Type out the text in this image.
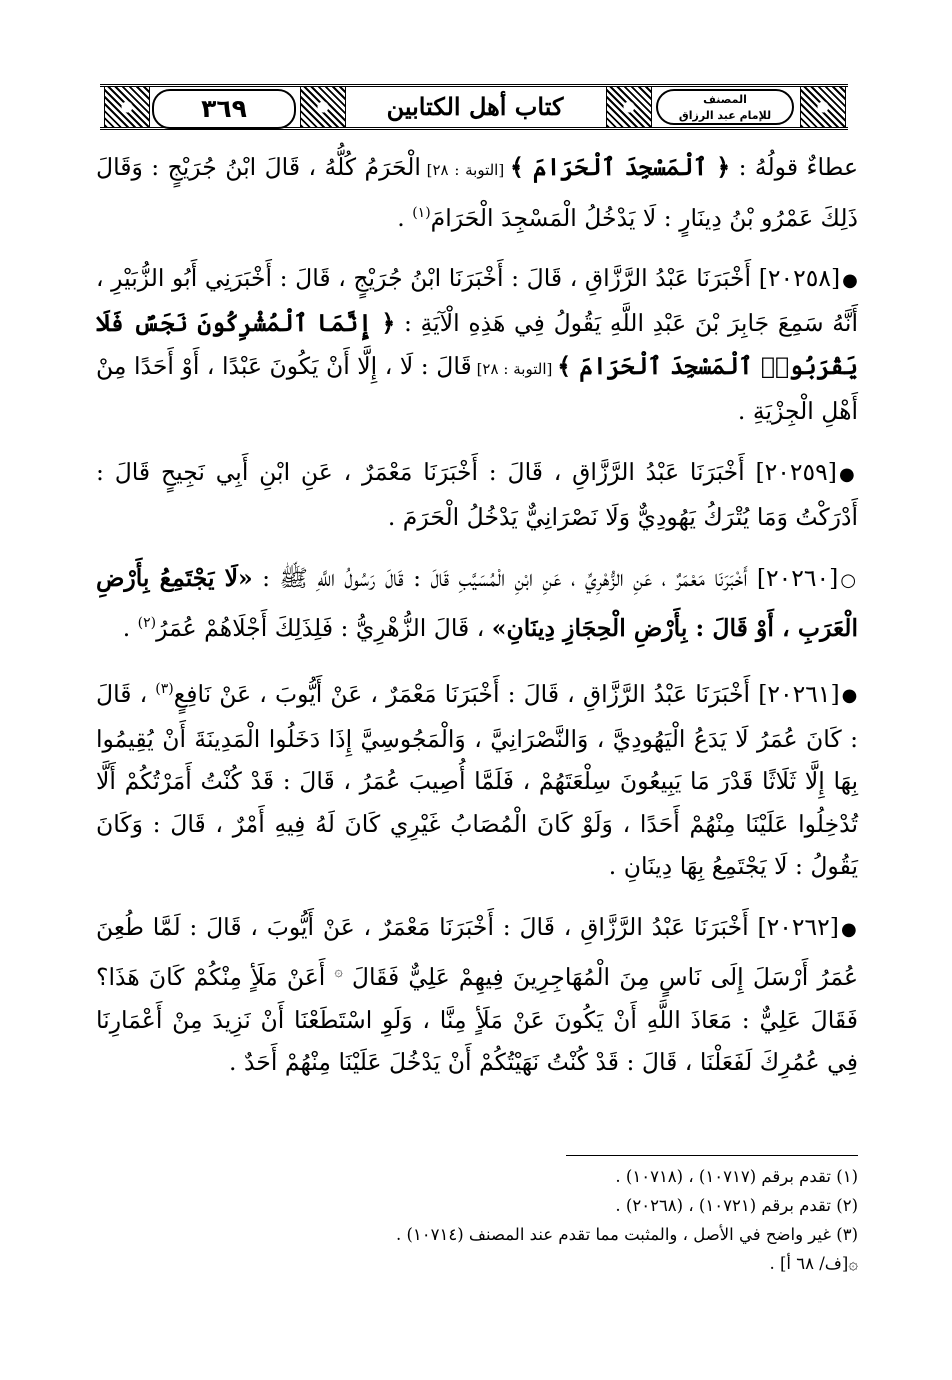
٣٦٩	كتاب أهل الكتابين	المصنف
للإمام عبد الرزاق

عطاءٌ قولُهُ : ﴿ ٱلْمَسْجِدَ ٱلْحَرَامَ ﴾ [التوبة : ٢٨] الْحَرَمُ كُلُّهُ ، قَالَ ابْنُ جُرَيْجٍ : وَقَالَ ذَلِكَ عَمْرُو بْنُ دِينَارٍ : لَا يَدْخُلُ الْمَسْجِدَ الْحَرَامَ$^{(١)}$ .

●[٢٠٢٥٨] أَخْبَرَنَا عَبْدُ الرَّزَّاقِ ، قَالَ : أَخْبَرَنَا ابْنُ جُرَيْجٍ ، قَالَ : أَخْبَرَنِي أَبُو الزُّبَيْرِ ، أَنَّهُ سَمِعَ جَابِرَ بْنَ عَبْدِ اللَّهِ يَقُولُ فِي هَذِهِ الْآيَةِ : ﴿ إِنَّمَا ٱلْمُشْرِكُونَ نَجَسٌ فَلَا يَقْرَبُوا۟ ٱلْمَسْجِدَ ٱلْحَرَامَ ﴾ [التوبة : ٢٨] قَالَ : لَا ، إِلَّا أَنْ يَكُونَ عَبْدًا ، أَوْ أَحَدًا مِنْ أَهْلِ الْجِزْيَةِ .

●[٢٠٢٥٩] أَخْبَرَنَا عَبْدُ الرَّزَّاقِ ، قَالَ : أَخْبَرَنَا مَعْمَرٌ ، عَنِ ابْنِ أَبِي نَجِيحٍ قَالَ : أَدْرَكْتُ وَمَا يُتْرَكُ يَهُودِيٌّ وَلَا نَصْرَانِيٌّ يَدْخُلُ الْحَرَمَ .

○[٢٠٢٦٠] أَخْبَرَنَا مَعْمَرٌ ، عَنِ الزُّهْرِيِّ ، عَنِ ابْنِ الْمُسَيَّبِ قَالَ : قَالَ رَسُولُ اللَّهِ ﷺ : «لَا يَجْتَمِعُ بِأَرْضِ الْعَرَبِ ، أَوْ قَالَ : بِأَرْضِ الْحِجَازِ دِينَانِ» ، قَالَ الزُّهْرِيُّ : فَلِذَلِكَ أَجْلَاهُمْ عُمَرُ$^{(٢)}$ .

●[٢٠٢٦١] أَخْبَرَنَا عَبْدُ الرَّزَّاقِ ، قَالَ : أَخْبَرَنَا مَعْمَرٌ ، عَنْ أَيُّوبَ ، عَنْ نَافِعٍ$^{(٣)}$ ، قَالَ : كَانَ عُمَرُ لَا يَدَعُ الْيَهُودِيَّ ، وَالنَّصْرَانِيَّ ، وَالْمَجُوسِيَّ إِذَا دَخَلُوا الْمَدِينَةَ أَنْ يُقِيمُوا بِهَا إِلَّا ثَلَاثًا قَدْرَ مَا يَبِيعُونَ سِلْعَتَهُمْ ، فَلَمَّا أُصِيبَ عُمَرُ ، قَالَ : قَدْ كُنْتُ أَمَرْتُكُمْ أَلَّا تُدْخِلُوا عَلَيْنَا مِنْهُمْ أَحَدًا ، وَلَوْ كَانَ الْمُصَابُ غَيْرِي كَانَ لَهُ فِيهِ أَمْرٌ ، قَالَ : وَكَانَ يَقُولُ : لَا يَجْتَمِعُ بِهَا دِينَانِ .

●[٢٠٢٦٢] أَخْبَرَنَا عَبْدُ الرَّزَّاقِ ، قَالَ : أَخْبَرَنَا مَعْمَرٌ ، عَنْ أَيُّوبَ ، قَالَ : لَمَّا طُعِنَ عُمَرُ أَرْسَلَ إِلَى نَاسٍ مِنَ الْمُهَاجِرِينَ فِيهِمْ عَلِيٌّ فَقَالَ ۞ أَعَنْ مَلَأٍ مِنْكُمْ كَانَ هَذَا؟ فَقَالَ عَلِيٌّ : مَعَاذَ اللَّهِ أَنْ يَكُونَ عَنْ مَلَأٍ مِنَّا ، وَلَوِ اسْتَطَعْنَا أَنْ نَزِيدَ مِنْ أَعْمَارِنَا فِي عُمُرِكَ لَفَعَلْنَا ، قَالَ : قَدْ كُنْتُ نَهَيْتُكُمْ أَنْ يَدْخُلَ عَلَيْنَا مِنْهُمْ أَحَدٌ .

(١) تقدم برقم (١٠٧١٧) ، (١٠٧١٨) .

(٢) تقدم برقم (١٠٧٢١) ، (٢٠٢٦٨) .

(٣) غير واضح في الأصل ، والمثبت مما تقدم عند المصنف (١٠٧١٤) .

۞[ف/ ٦٨ أ] .
